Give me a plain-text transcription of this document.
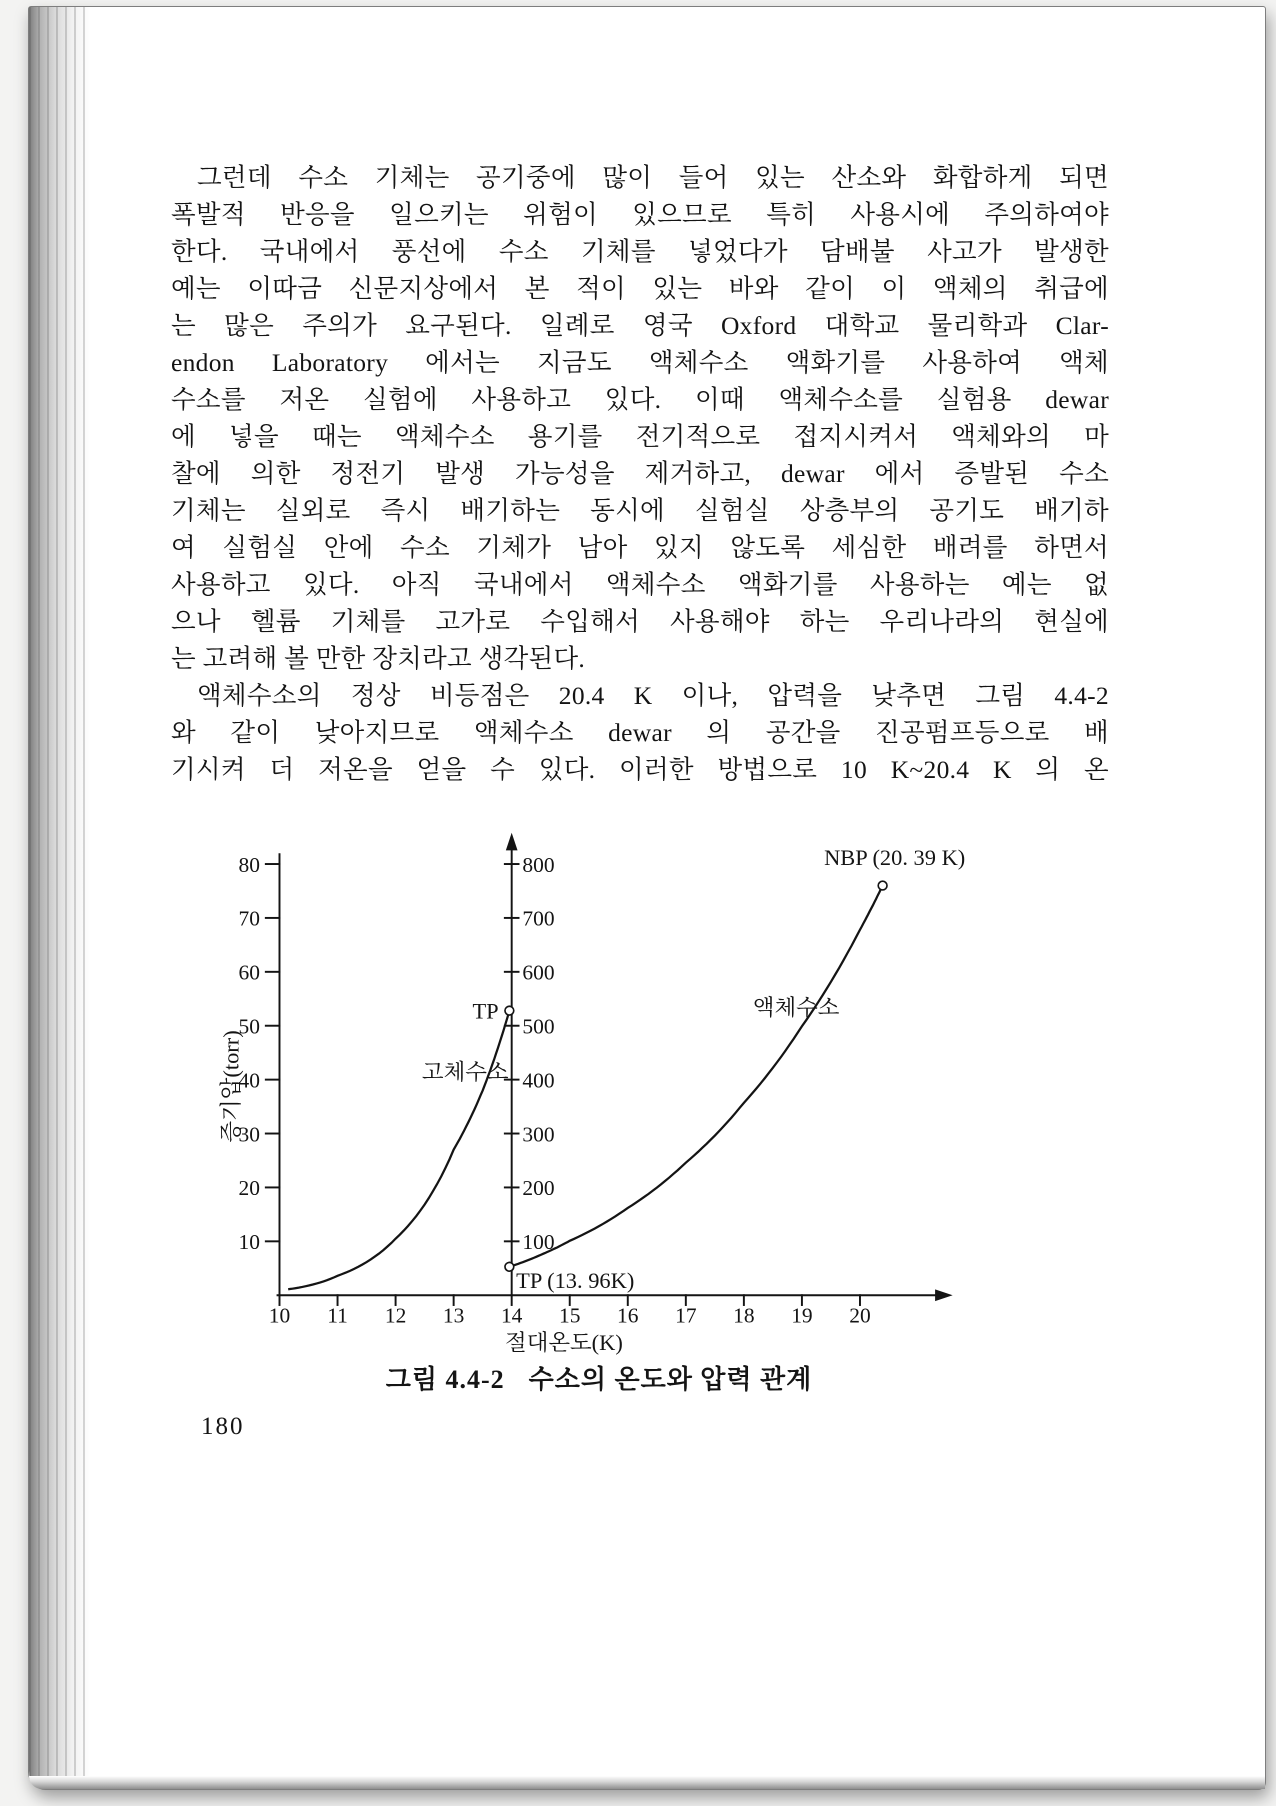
그런데 수소 기체는 공기중에 많이 들어 있는 산소와 화합하게 되면
폭발적 반응을 일으키는 위험이 있으므로 특히 사용시에 주의하여야
한다. 국내에서 풍선에 수소 기체를 넣었다가 담배불 사고가 발생한
예는 이따금 신문지상에서 본 적이 있는 바와 같이 이 액체의 취급에
는 많은 주의가 요구된다. 일례로 영국 Oxford 대학교 물리학과 Clar-
endon Laboratory 에서는 지금도 액체수소 액화기를 사용하여 액체
수소를 저온 실험에 사용하고 있다. 이때 액체수소를 실험용 dewar
에 넣을 때는 액체수소 용기를 전기적으로 접지시켜서 액체와의 마
찰에 의한 정전기 발생 가능성을 제거하고, dewar 에서 증발된 수소
기체는 실외로 즉시 배기하는 동시에 실험실 상층부의 공기도 배기하
여 실험실 안에 수소 기체가 남아 있지 않도록 세심한 배려를 하면서
사용하고 있다. 아직 국내에서 액체수소 액화기를 사용하는 예는 없
으나 헬륨 기체를 고가로 수입해서 사용해야 하는 우리나라의 현실에
는 고려해 볼 만한 장치라고 생각된다.
액체수소의 정상 비등점은 20.4 K 이나, 압력을 낮추면 그림 4.4-2
와 같이 낮아지므로 액체수소 dewar 의 공간을 진공펌프등으로 배
기시켜 더 저온을 얻을 수 있다. 이러한 방법으로 10 K~20.4 K 의 온
10 11 12 13 14 15 16 17 18 19 20
절대온도(K)
10
20
30
40
50
60
70
80
증기압(torr)
100
200
300
400
500
600
700
800
고체수소
액체수소
TP
TP (13. 96K)
NBP (20. 39 K)
그림 4.4-2 수소의 온도와 압력 관계
180
